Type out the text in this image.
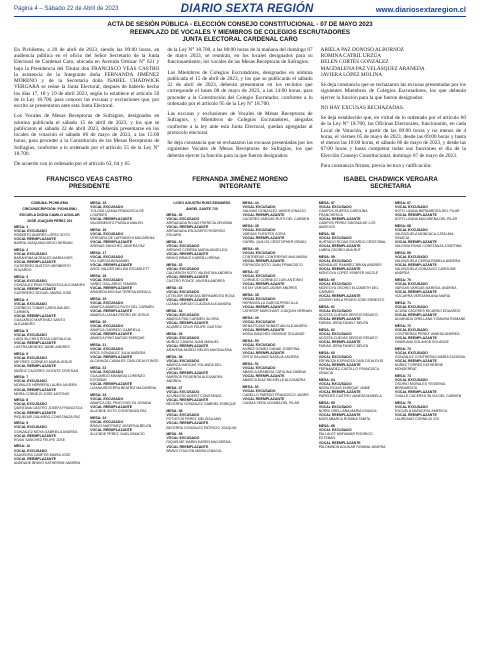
Página 4 – Sábado 22 de Abril de 2023	DIARIO SEXTA REGIÓN	www.diariosextaregion.cl
ACTA DE SESIÓN PÚBLICA - ELECCIÓN CONSEJO CONSTITUCIONAL - 07 DE MAYO 2023
REEMPLAZO DE VOCALES Y MIEMBROS DE COLEGIOS ESCRUTADORES
JUNTA ELECTORAL CARDENAL CARO

En Pichilemu, a 20 de abril de 2023, siendo las 09:00 horas, en audiencia pública en el oficio del Señor Secretario de la Junta Electoral de Cardenal Caro, ubicada en Avenida Ortúzar N° 621 y bajo la Presidencia del Titular don FRANCISCO VEAS CASTRO la asistencia de la Integrante doña FERNANDA JIMÉNEZ MORENO y de la Secretaria doña ISABEL CHADWICK VERGARA se reúne la Junta Electoral, después de haberlo hecho los días 17, 18 y 19 de abril 2023, según lo establece el artículo 50 de la Ley 18.700, para conocer las excusas y exclusiones que, por escrito se presentaron ante esta Junta Electoral.

Los Vocales de Mesas Receptoras de Sufragios, designados en nómina publicada el sábado 15 de abril de 2023, y los que se publicaron el sábado 22 de abril 2023, deberán presentarse en los locales de votación el sábado 06 de mayo de 2023, a las 15:00 horas, para proceder a la Constitución de las Mesas Receptoras de Sufragios, conforme a lo ordenado por el artículo 55 de la Ley N° 18.700.

De acuerdo con lo ordenado por el artículo 63, 64 y 65

de la Ley N° 18.700, a las 08:00 horas de la mañana del domingo 07 de mayo 2023, se reunirán, en los locales designados para su funcionamiento, los vocales de las Mesas Receptoras de Sufragios.

Los Miembros de Colegios Escrutadores, designados en nómina publicada el 15 de abril de 2023, y los que se publicarán el sábado 22 de abril de 2023, deberán presentarse en los recintos que corresponde el lunes 08 de mayo de 2023, a las 14:00 horas, para proceder a la Constitución del Colegio Escrutador, conforme a lo ordenado por el artículo 95 de la Ley N° 18.700.

Las excusas y exclusiones de Vocales de Mesas Receptoras de Sufragios, y Miembros de Colegios Escrutadores, alegadas conforme a la ley ante esta Junta Electoral, quedan agregadas al protocolo electoral.

Se deja constancia que se rechazaron las excusas presentadas por los siguientes Vocales de Mesas Receptoras de Sufragios, los que deberán ejercer la función para la que fueron designados:

ARIELA PAZ DONOSO ALBORNOZ
ROMINA CATRIL URZÚA
BELEN CORTÉS GONZÁLEZ
MAGDALENA PAZ VELÁSQUEZ ARANEDA
JAVIERA LÓPEZ MOLINA

Se deja constancia que se rechazaron las excusas presentadas por los siguientes Miembros de Colegios Escrutadores, los que deberán ejercer la función para la que fueron designados:

NO HAY EXCUSAS RECHAZADAS.

Se deja establecido que, en virtud de lo ordenado por el artículo 60 de la Ley N° 18.700, las Oficinas Electorales, funcionarán, en cada Local de Votación, a partir de las 09:00 horas y no menos de 4 horas, el viernes 05 de mayo de 2023, desde las 09:00 horas y hasta el menos las 18:00 horas, el sábado 06 de mayo de 2023, y desde las 07:00 horas y hasta completar todas sus funciones el día de la Elección Consejo Constitucional, domingo 07 de mayo de 2023.

Para constancia firman, previa lectura y ratificación:

FRANCISCO VEAS CASTRO
PRESIDENTE
FERNANDA JIMÉNEZ MORENO
INTEGRANTE
ISABEL CHADWICK VERGARA
SECRETARIA
COMUNA: PICHILEMU
CIRCUNSCRIPCIÓN: PICHILEMU
ESCUELA DIGNA CAMILO AGUILAR
JOSÉ JOAQUÍN PÉREZ 291
MESA: 1
VOCAL EXCUSADO
ROBERTO ANDRÉS LÓPEZ SOTO
VOCAL REEMPLAZANTE
BARRA JOAQUINA DIEGO HERNAN
MESA: 2
VOCAL EXCUSADO
BARAHONA MORALES MARIA INES
VOCAL REEMPLAZANTE
GUTIERREZ BUSTOS HERIBERTO EDUARDO
MESA: 3
VOCAL EXCUSADO
GONZALEZ PINO FRANCISCA ALEJANDRA
VOCAL REEMPLAZANTE
GUERRERO SEGUEL MARIA JOSE
MESA: 4
VOCAL EXCUSADO
CORNEJO TOBAR CAROLINA DEL CARMEN
VOCAL REEMPLAZANTE
GUAJARDO MARTINEZ SANTO ALEJANDRO
MESA: 5
VOCAL EXCUSADO
LARA VILCHES ROSA CANTALICIA
VOCAL REEMPLAZANTE
LASTRA MENDEZ JAIME ANDRES
MESA: 6
VOCAL EXCUSADO
MEYRIES CORNEJO MARIA JESUS
VOCAL REEMPLAZANTE
MUÑOZ CACERES VICENTE CRISTIAN
MESA: 7
VOCAL EXCUSADO
MORALES HERRERA LAURA JAVIERA
VOCAL REEMPLAZANTE
NEIRA CORNEJO JOSE ANTONIO
MESA: 8
VOCAL EXCUSADO
QUINTANA CASTRO JOSEFA FRANCISCA
VOCAL REEMPLAZANTE
RIQUELME GALARDO CONSTANZA PAZ
MESA: 9
VOCAL EXCUSADO
GONZALEZ MOYA GABRIELA ANDREA
VOCAL REEMPLAZANTE
RIVAS SANCHEZ FELIPE JOSE
MESA: 10
VOCAL EXCUSADO
SAAVEDRA CAMPOS MARIA JOSE
VOCAL REEMPLAZANTE
ANDRADE BRAVO KATHERINE ANDREA
MESA: 15
VOCAL EXCUSADO
TOLOSA LIZANA FRANCISCA DE LOURDES
VOCAL REEMPLAZANTE
VALDEBENITO PUEBLA MAILEN
MESA: 16
VOCAL EXCUSADO
VERGARA DE LAFRANCHI MACARENA
VOCAL REEMPLAZANTE
ARENAS SANCHEZ JAVIERA PAZ
MESA: 17
VOCAL EXCUSADO
VIU GARCIA BENJAMIN
VOCAL REEMPLAZANTE
ARCE VALDES MELISA ESCARLETT
MESA: 18
VOCAL EXCUSADO
YAÑEZ GALLARDO TAMARA
VOCAL REEMPLAZANTE
ARANEDA MOLINA TERESA MONICA
MESA: 19
VOCAL EXCUSADO
ABARCA ABARCA RUTH DEL CARMEN
VOCAL REEMPLAZANTE
ABARCA LIZANA PEDRO DE JESUS
MESA: 20
VOCAL EXCUSADO
ABARCA GARRIDO GABRIELA
VOCAL REEMPLAZANTE
ABARCA PINO MATIAS ENRIQUE
MESA: 21
VOCAL EXCUSADO
ARCE GONZALEZ JULIA ANDREA
VOCAL REEMPLAZANTE
ALCAYAGA CANALES CARLOS ALFONSO
MESA: 22
VOCAL EXCUSADO
GUAJARDO ARANEDA LORENZO ESTEBAN
VOCAL REEMPLAZANTE
LIZANA BECERRA BEATRIZ MACARENA
MESA: 23
VOCAL EXCUSADO
ABARCA DEL PINO EVELYN JOHANA
VOCAL REEMPLAZANTE
ALLENDE SOTO CONSTANZA PAZ
MESA: 24
VOCAL EXCUSADO
BRAVO MARTINEZ JOSEFINA BELEN
VOCAL REEMPLAZANTE
ALLENDE PEREZ JUAN IGNACIO
LICEO AGUSTÍN ROSS EDWARDS
ÁNGEL SANTE 720
MESA: 30
VOCAL EXCUSADO
ARRIAGADA ROJAS PATRICIA ZENOBIA
VOCAL REEMPLAZANTE
ARRIAGADA ESCUDERO RODRIGO EDUARD
MESA: 31
VOCAL EXCUSADO
ARRANO CORREA MARIA ANGELICA
VOCAL REEMPLAZANTE
BRAVO BRAVO KAREN LORENA
MESA: 32
VOCAL EXCUSADO
CALDERON SOTO VALENTINA ANDREA
VOCAL REEMPLAZANTE
CASTRO PONCE JAVIERA ANDREA
MESA: 33
VOCAL EXCUSADO
LETELIER VENEGAS BERNARDITA ROSA
VOCAL REEMPLAZANTE
LIZANA VARGAS CLAUDIA ALEJANDRA
MESA: 34
VOCAL EXCUSADO
ABARCA PAN CARMEN GLORIA
VOCAL REEMPLAZANTE
ALVAREZ CELIS FELIPE GASTON
MESA: 35
VOCAL EXCUSADO
MUÑOZ CANDIA JUAN MANUEL
VOCAL REEMPLAZANTE
ARAVENA MUÑOZ BELEN MAGDALENA
MESA: 36
VOCAL EXCUSADO
ABARCA HARGAS YOLANDA DEL CARMEN
VOCAL REEMPLAZANTE
BARRIOS FIGUEROA ALEJANDRA ANDREA
MESA: 37
VOCAL EXCUSADO
ACUÑA ESCUDERO CONSTANZA
VOCAL REEMPLAZANTE
BECERRA GONZALEZ GABRIEL ENRIQUE
MESA: 38
VOCAL EXCUSADO
POTHITOS PEREZ MELISSA ANN
VOCAL REEMPLAZANTE
BECERRA GONZALEZ PATRICIO JOAQUIN
MESA: 39
VOCAL EXCUSADO
RIQUELME MARIN KAREN MACARENA
VOCAL REEMPLAZANTE
BRAVO OYACON MARIA IGNACIA
MESA: 44
VOCAL EXCUSADO
SALINAS GONZALEZ JAVIER IGNACIO
VOCAL REEMPLAZANTE
CACERES VARGAS RUTH DEL CARMEN
MESA: 45
VOCAL EXCUSADO
VARGAS FUENTES SOFIA
VOCAL REEMPLAZANTE
CARRIL QUILOS CRISTOPHER ISRAEL
MESA: 46
VOCAL EXCUSADO
CONTRERAS CONTRERAS ANA MARIA
VOCAL REEMPLAZANTE
ESPINOZA SOTO JUAN FRANCISCO
MESA: 47
VOCAL EXCUSADO
CORNEJO CORNEJO LUIS ANTONIO
VOCAL REEMPLAZANTE
ESTAY VARGAS JAVIER ANDRES
MESA: 48
VOCAL EXCUSADO
HERMOSILLA GARCIA PRISCILLA
VOCAL REEMPLAZANTE
LATHROP MARCHANT JOAQUIN HERNAN
MESA: 49
VOCAL EXCUSADO
MENA ROJAS SEBASTIAN ALEJANDRO
VOCAL REEMPLAZANTE
MORA SANCHEZ DENISSE SOLANGE
MESA: 50
VOCAL EXCUSADO
NUÑEZ GOMEZ DANAE JOSEFINA
VOCAL REEMPLAZANTE
ORTIZ SALINAS NATALIA JAVIERA
MESA: 51
VOCAL EXCUSADO
ABARCA ARANEDA CATALINA XIMENA
VOCAL REEMPLAZANTE
ABARCA DIAZ MICHELLE ALEJANDRA
MESA: 52
VOCAL EXCUSADO
CABELLO PAREDO FRANCISCO JAVIER
VOCAL REEMPLAZANTE
CANDIA VERA VIVIANA DEL PILAR
MESA: 57
VOCAL EXCUSADO
CAMPOS HUERTA CAROLINA FRANCHESCA
VOCAL REEMPLAZANTE
CAMPOS PEREZ SIDONIA DE LOS ANGELES
MESA: 58
VOCAL EXCUSADO
HURTADO ROJAS RICARDO CRISTOBAL
VOCAL REEMPLAZANTE
LABRA OSORIO ANA RUT
MESA: 59
VOCAL EXCUSADO
MONSALVE RAMIREZ BRIAN ANDRES
VOCAL REEMPLAZANTE
MONTOYA LOPEZ YENIFER NICOLE
MESA: 60
VOCAL EXCUSADO
MONTOYA OSORIO ELIZABETH DEL CARMEN
VOCAL REEMPLAZANTE
OSORIO MELA PEDRO JOSE ERNESTO
MESA: 61
VOCAL EXCUSADO
ACOSTA CUEVAS SERGIO RENATO
VOCAL REEMPLAZANTE
FARIAS JERIA FANELT BELEN
MESA: 62
VOCAL EXCUSADO
ACOSTA CUEVAS SERGIO RENATO
VOCAL REEMPLAZANTE
FARIAS JERIA FANELT BELEN
MESA: 63
VOCAL EXCUSADO
ESPINOZA ESPINOZA CARLOS ALEXIS
VOCAL REEMPLAZANTE
FERNANDEZ CASTILLO FRANCISCA IGNACIA
MESA: 64
VOCAL EXCUSADO
NEIRA ROJAS ENRIQUE JAIME
VOCAL REEMPLAZANTE
PAREDES CASTRO VANESA MARIELA
MESA: 65
VOCAL EXCUSADO
NORRI ORELLANA MARIA IGNACIA
VOCAL REEMPLAZANTE
MORI ABARCA ROMINA TABITA
MESA: 66
VOCAL EXCUSADO
PALLALEF MORAMAR RODRIGO ESTEBAN
VOCAL REEMPLAZANTE
PALOMINOS AGUILAR ROMINA JAVIERA
MESA: 67
VOCAL EXCUSADO
SOTO LIZANA BERNARDITA DEL PILAR
VOCAL REEMPLAZANTE
SOTO LIZANA MACARENA DEL PILAR
MESA: 68
VOCAL EXCUSADO
VALENZUELA MONDACA CATALINA IGNACIA
VOCAL REEMPLAZANTE
VALDIVIA RIVAS CONSTANZA JOSEFINA
MESA: 69
VOCAL EXCUSADO
VALENZUELA CERDA PAMELA ANDREA
VOCAL REEMPLAZANTE
VALENZUELA GONZALEZ CAROLINE ANDREA
MESA: 70
VOCAL EXCUSADO
VARGAS VARGAS MARISOL ANDREA
VOCAL REEMPLAZANTE
VIZCARRA VERGARA ANA MARIA
MESA: 71
VOCAL EXCUSADO
ACUÑA CACERES RICARDO EDUARDO
VOCAL REEMPLAZANTE
ALVARADA ORELLANA YOMAIRA ROMANE
MESA: 72
VOCAL EXCUSADO
CONTRERAS PEREZ VANESA ANDREA
VOCAL REEMPLAZANTE
OMAR ANA SOLANGE SOLANGE
MESA: 73
VOCAL EXCUSADO
GONZALEZ CONTRERAS MARIA EUGENIA
VOCAL REEMPLAZANTE
NUÑEZ TORRES KATHERINE MONSERRAT
MESA: 74
VOCAL EXCUSADO
OSORIO MORALES YESSENIA BERNARDITA
VOCAL REEMPLAZANTE
OVALLE CACERES SILVIA DEL CARMEN
MESA: 75
VOCAL EXCUSADO
ESCUELA MUNICIPAL AMERICA
VOCAL REEMPLAZANTE
LAUREANO CORNEJO 220
